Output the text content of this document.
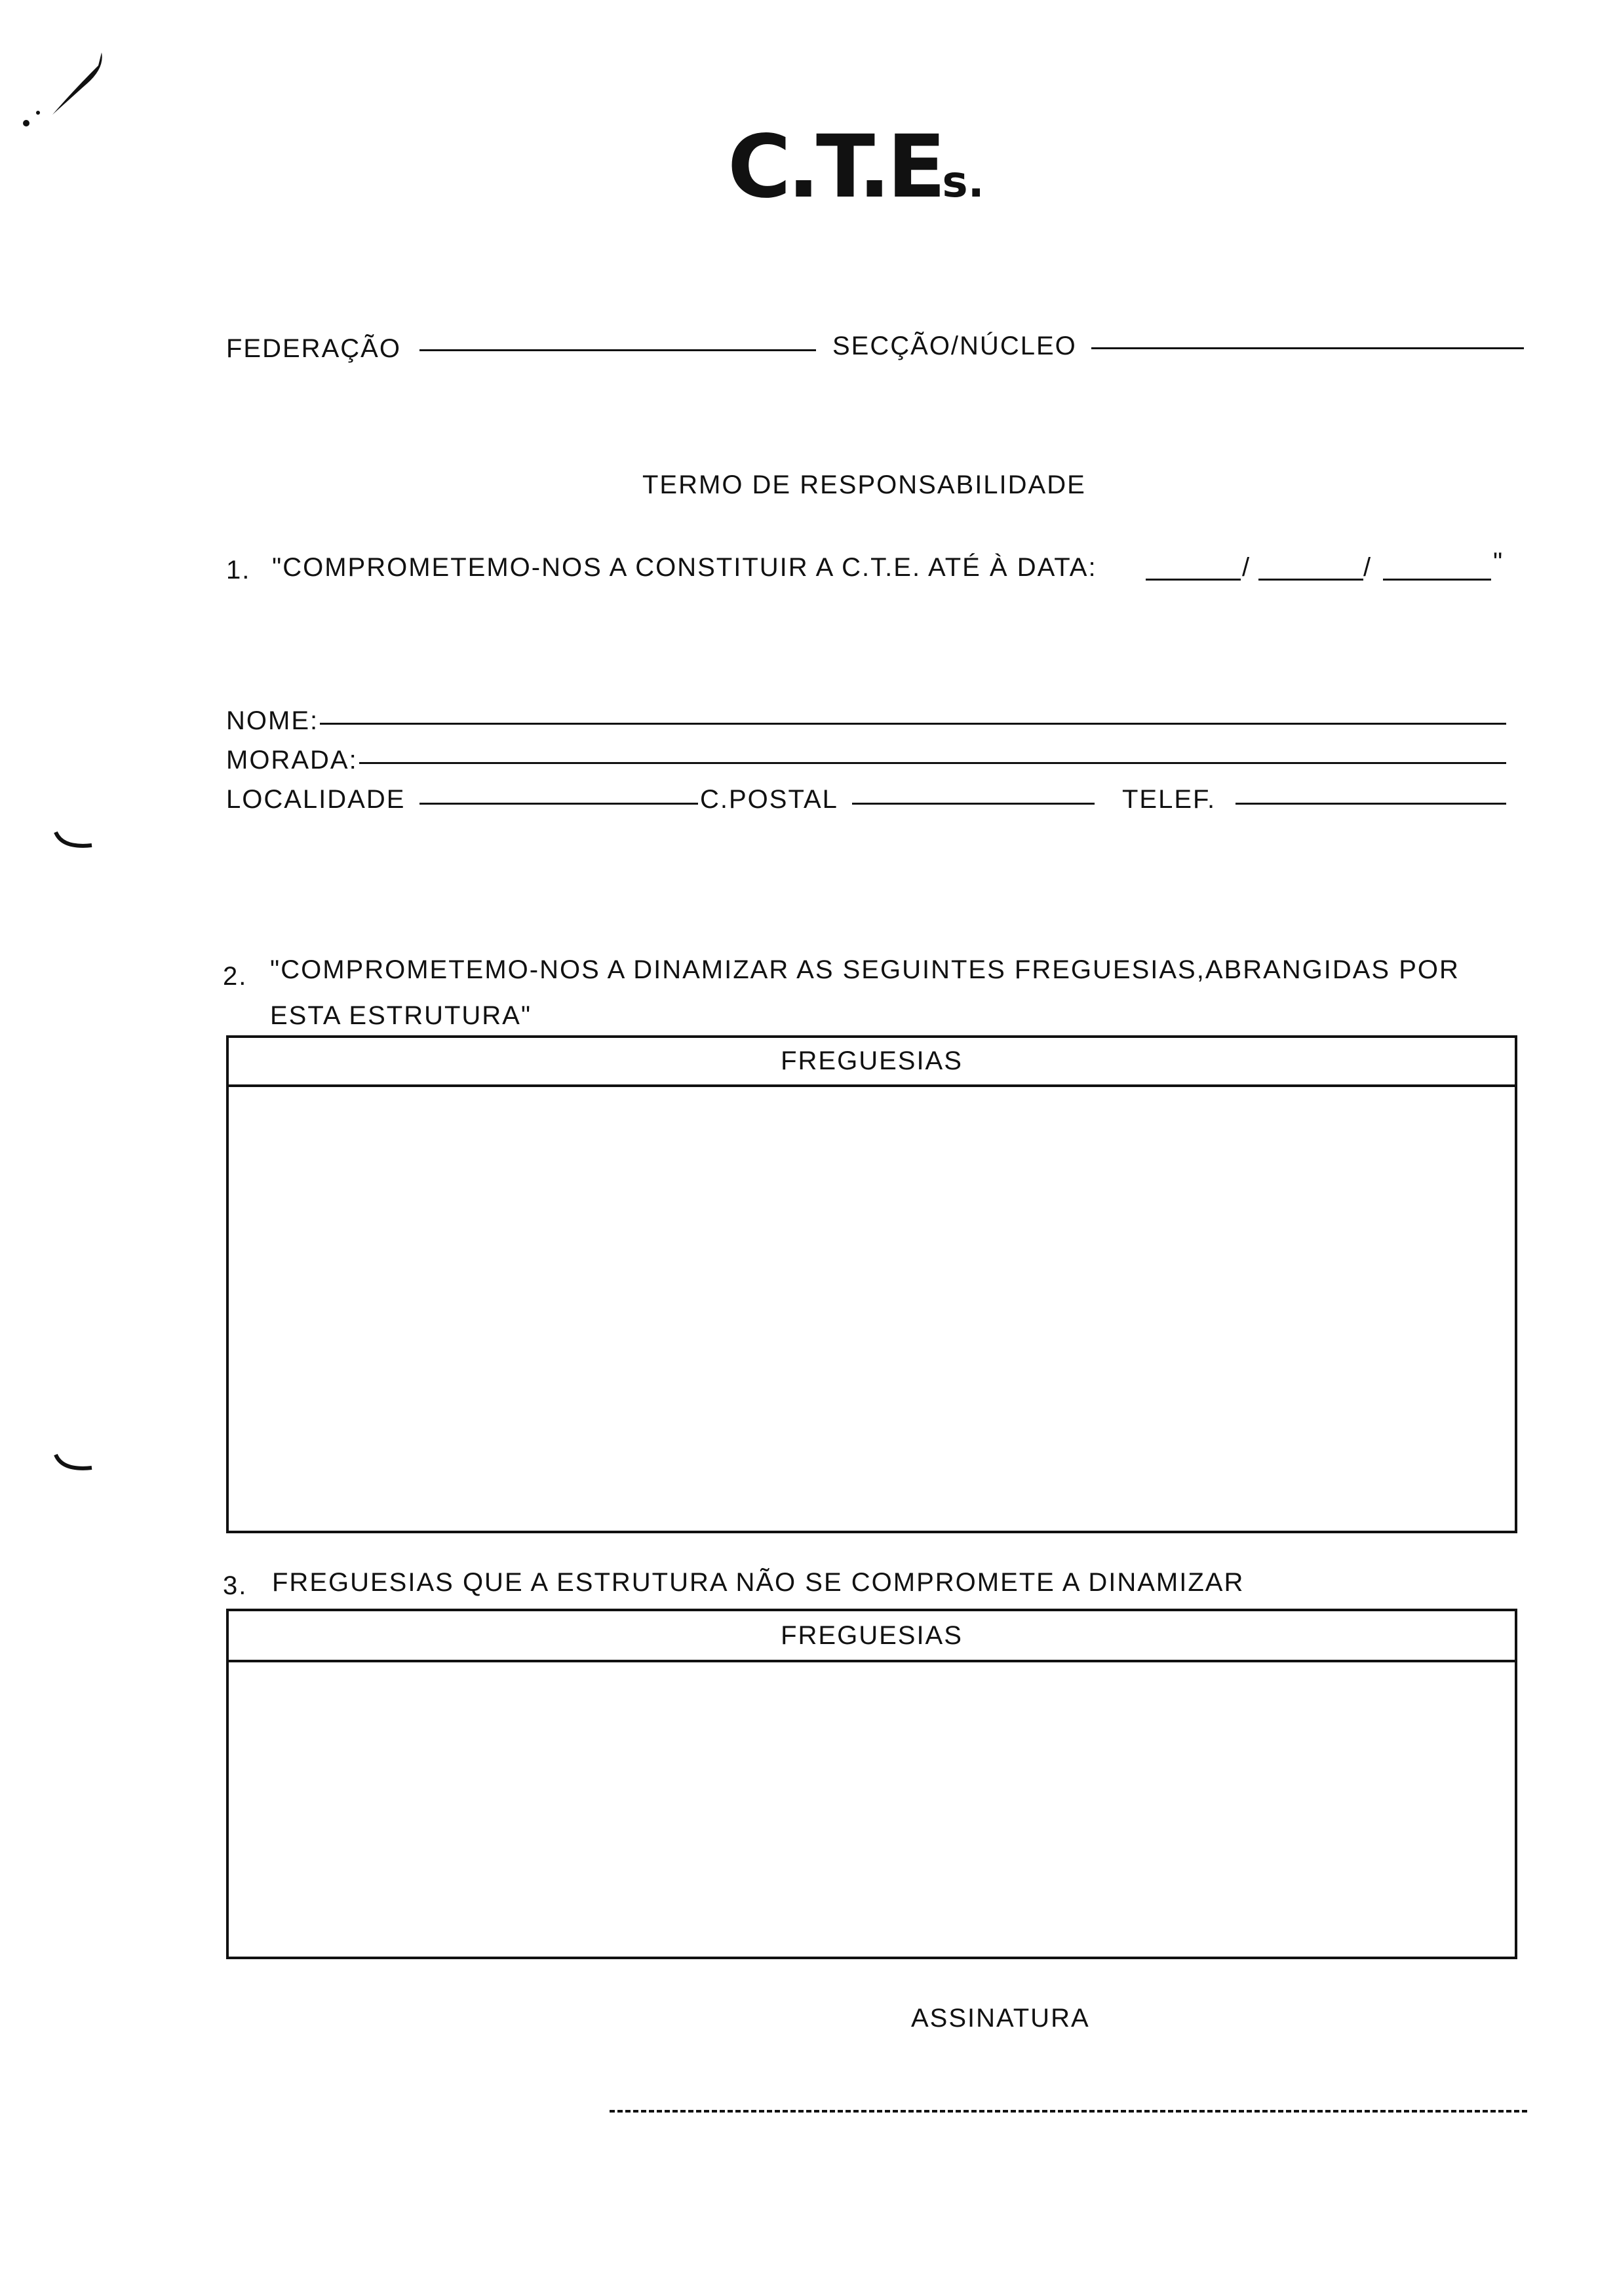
C.T.Es.
FEDERAÇÃO	SECÇÃO/NÚCLEO
TERMO DE RESPONSABILIDADE
1. "COMPROMETEMO-NOS A CONSTITUIR A C.T.E. ATÉ À DATA:	/	/	"
NOME:
MORADA:
LOCALIDADE	C.POSTAL	TELEF.
2. "COMPROMETEMO-NOS A DINAMIZAR AS SEGUINTES FREGUESIAS,ABRANGIDAS POR
ESTA ESTRUTURA"
FREGUESIAS
3. FREGUESIAS QUE A ESTRUTURA NÃO SE COMPROMETE A DINAMIZAR
FREGUESIAS
ASSINATURA
